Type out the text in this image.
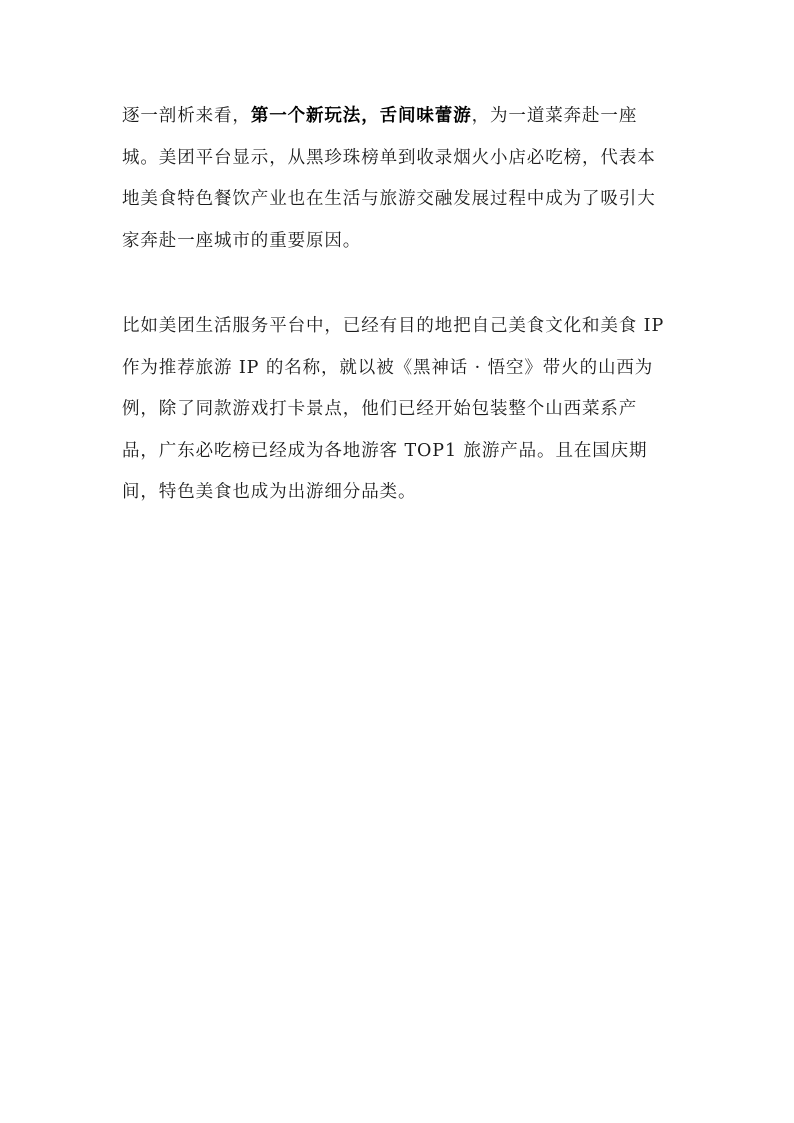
逐一剖析来看，第一个新玩法，舌间味蕾游，为一道菜奔赴一座
城。美团平台显示，从黑珍珠榜单到收录烟火小店必吃榜，代表本
地美食特色餐饮产业也在生活与旅游交融发展过程中成为了吸引大
家奔赴一座城市的重要原因。

比如美团生活服务平台中，已经有目的地把自己美食文化和美食 IP
作为推荐旅游 IP 的名称，就以被《黑神话 · 悟空》带火的山西为
例，除了同款游戏打卡景点，他们已经开始包装整个山西菜系产
品，广东必吃榜已经成为各地游客 TOP1 旅游产品。且在国庆期
间，特色美食也成为出游细分品类。
